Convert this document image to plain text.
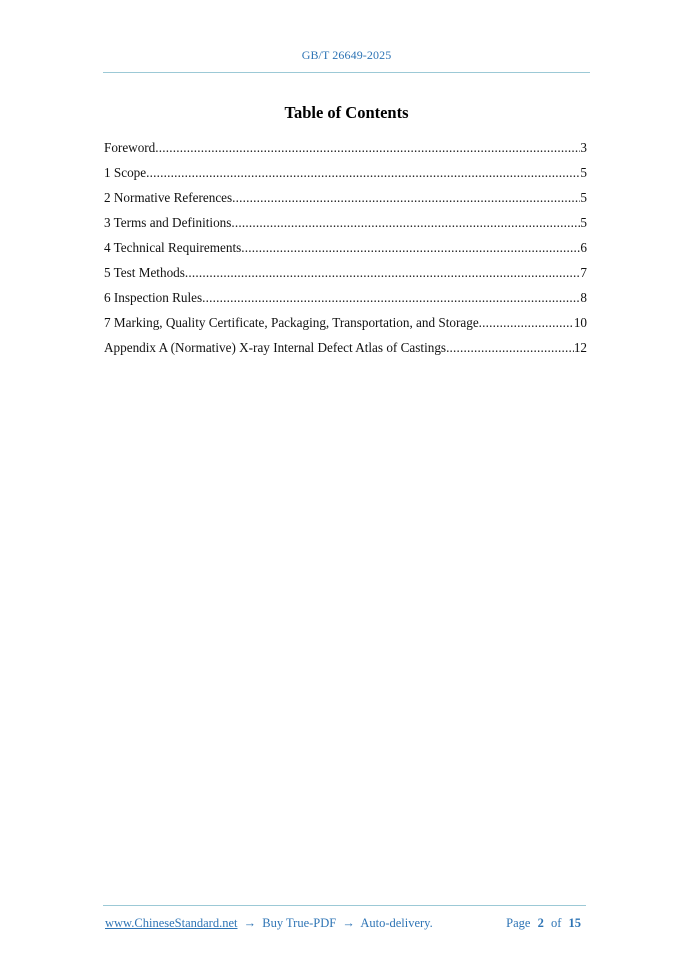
GB/T 26649-2025
Table of Contents
Foreword .....	3
1 Scope .....	5
2 Normative References .....	5
3 Terms and Definitions .....	5
4 Technical Requirements .....	6
5 Test Methods .....	7
6 Inspection Rules .....	8
7 Marking, Quality Certificate, Packaging, Transportation, and Storage .....	10
Appendix A (Normative) X-ray Internal Defect Atlas of Castings .....	12
www.ChineseStandard.net → Buy True-PDF → Auto-delivery.	Page 2 of 15
